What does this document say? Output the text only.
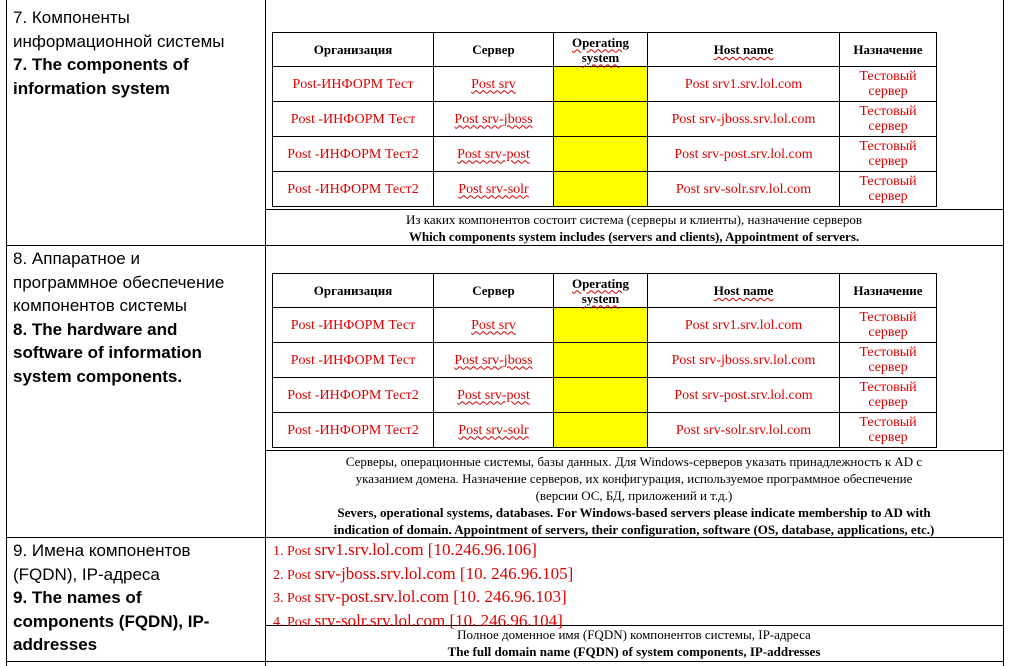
7. Компоненты
информационной системы
7. The components of
information system
Организация	Сервер	Operating system	Host name	Назначение
Post-ИНФОРМ Тест	Post srv		Post srv1.srv.lol.com	Тестовый сервер
Post -ИНФОРМ Тест	Post srv-jboss		Post srv-jboss.srv.lol.com	Тестовый сервер
Post -ИНФОРМ Тест2	Post srv-post		Post srv-post.srv.lol.com	Тестовый сервер
Post -ИНФОРМ Тест2	Post srv-solr		Post srv-solr.srv.lol.com	Тестовый сервер
Из каких компонентов состоит система (серверы и клиенты), назначение серверов
Which components system includes (servers and clients), Appointment of servers.
8. Аппаратное и
программное обеспечение
компонентов системы
8. The hardware and
software of information
system components.
Организация	Сервер	Operating system	Host name	Назначение
Post -ИНФОРМ Тест	Post srv		Post srv1.srv.lol.com	Тестовый сервер
Post -ИНФОРМ Тест	Post srv-jboss		Post srv-jboss.srv.lol.com	Тестовый сервер
Post -ИНФОРМ Тест2	Post srv-post		Post srv-post.srv.lol.com	Тестовый сервер
Post -ИНФОРМ Тест2	Post srv-solr		Post srv-solr.srv.lol.com	Тестовый сервер
Серверы, операционные системы, базы данных. Для Windows-серверов указать принадлежность к AD с
указанием домена. Назначение серверов, их конфигурация, используемое программное обеспечение
(версии ОС, БД, приложений и т.д.)
Severs, operational systems, databases. For Windows-based servers please indicate membership to AD with
indication of domain. Appointment of servers, their configuration, software (OS, database, applications, etc.)
9. Имена компонентов
(FQDN), IP-адреса
9. The names of
components (FQDN), IP-
addresses
1. Post srv1.srv.lol.com [10.246.96.106]
2. Post srv-jboss.srv.lol.com [10. 246.96.105]
3. Post srv-post.srv.lol.com [10. 246.96.103]
4. Post srv-solr.srv.lol.com [10. 246.96.104]
Полное доменное имя (FQDN) компонентов системы, IP-адреса
The full domain name (FQDN) of system components, IP-addresses
